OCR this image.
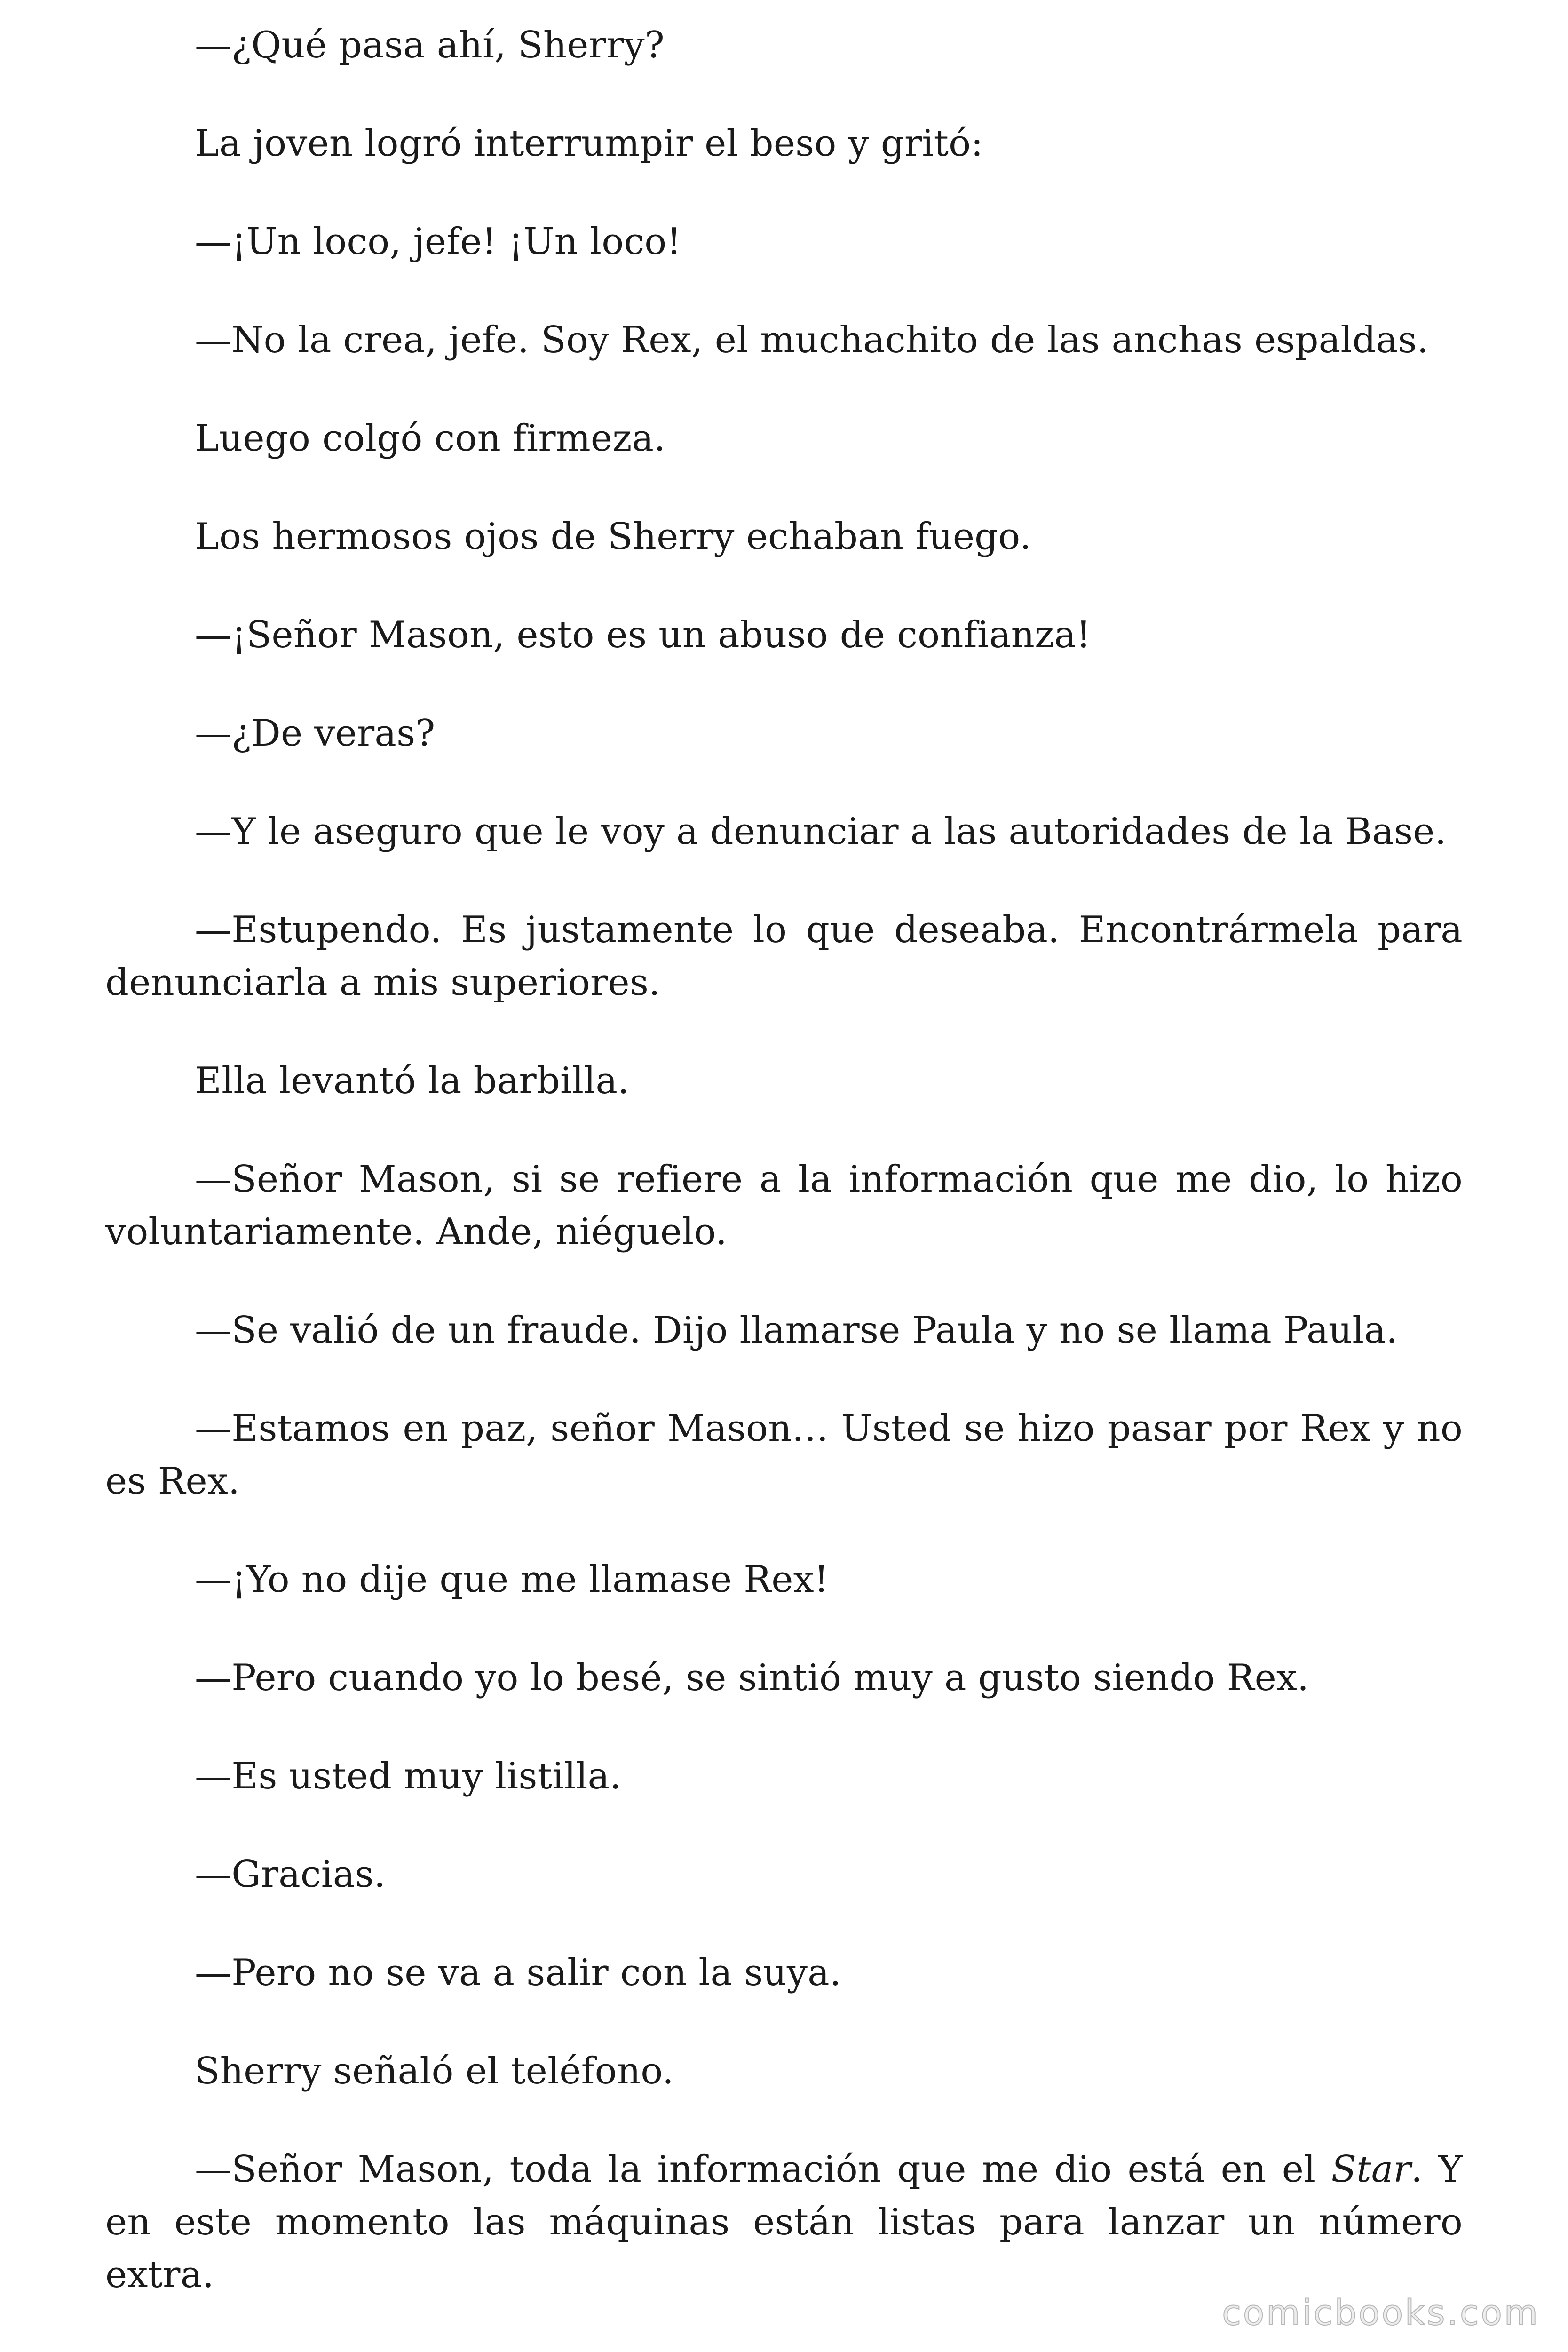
—¿Qué pasa ahí, Sherry?

La joven logró interrumpir el beso y gritó:

—¡Un loco, jefe! ¡Un loco!

—No la crea, jefe. Soy Rex, el muchachito de las anchas espaldas.

Luego colgó con firmeza.

Los hermosos ojos de Sherry echaban fuego.

—¡Señor Mason, esto es un abuso de confianza!

—¿De veras?

—Y le aseguro que le voy a denunciar a las autoridades de la Base.

—Estupendo. Es justamente lo que deseaba. Encontrármela para denunciarla a mis superiores.

Ella levantó la barbilla.

—Señor Mason, si se refiere a la información que me dio, lo hizo voluntariamente. Ande, niéguelo.

—Se valió de un fraude. Dijo llamarse Paula y no se llama Paula.

—Estamos en paz, señor Mason… Usted se hizo pasar por Rex y no es Rex.

—¡Yo no dije que me llamase Rex!

—Pero cuando yo lo besé, se sintió muy a gusto siendo Rex.

—Es usted muy listilla.

—Gracias.

—Pero no se va a salir con la suya.

Sherry señaló el teléfono.

—Señor Mason, toda la información que me dio está en el Star. Y en este momento las máquinas están listas para lanzar un número extra.

comicbooks.com
